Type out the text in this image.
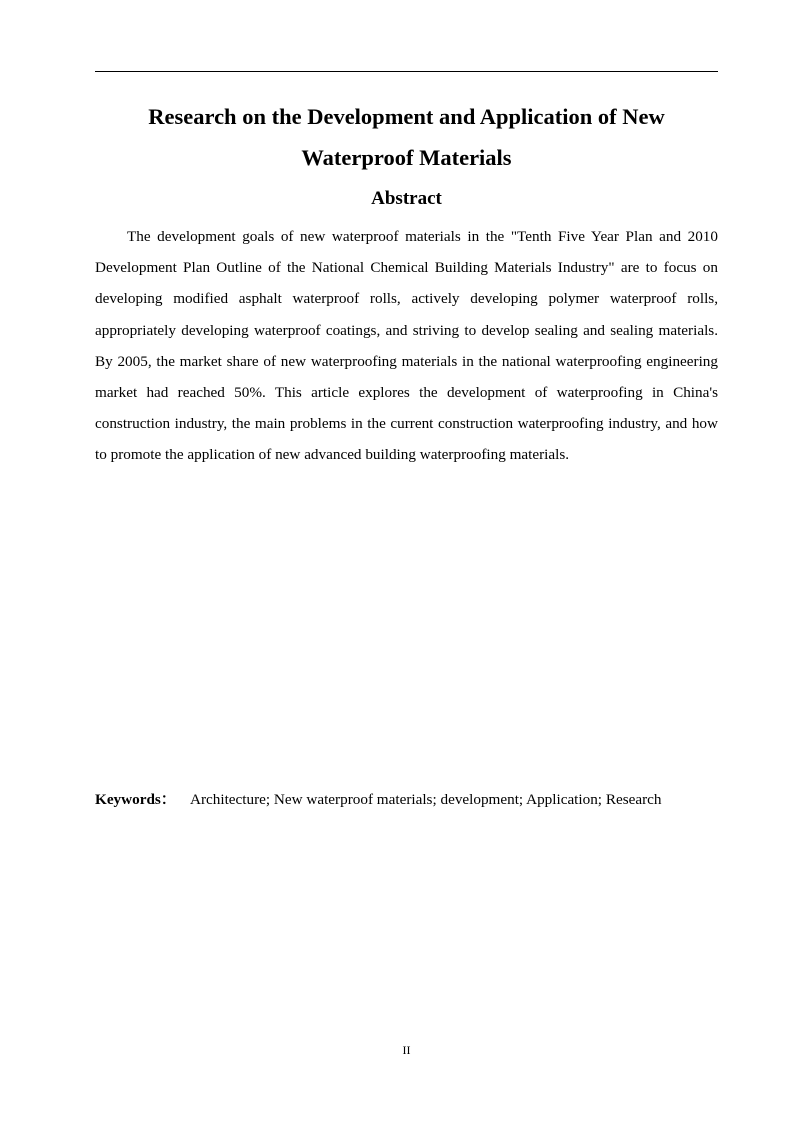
Research on the Development and Application of New Waterproof Materials
Abstract

The development goals of new waterproof materials in the "Tenth Five Year Plan and 2010 Development Plan Outline of the National Chemical Building Materials Industry" are to focus on developing modified asphalt waterproof rolls, actively developing polymer waterproof rolls, appropriately developing waterproof coatings, and striving to develop sealing and sealing materials. By 2005, the market share of new waterproofing materials in the national waterproofing engineering market had reached 50%. This article explores the development of waterproofing in China's construction industry, the main problems in the current construction waterproofing industry, and how to promote the application of new advanced building waterproofing materials.

Keywords： Architecture; New waterproof materials; development; Application; Research

II
